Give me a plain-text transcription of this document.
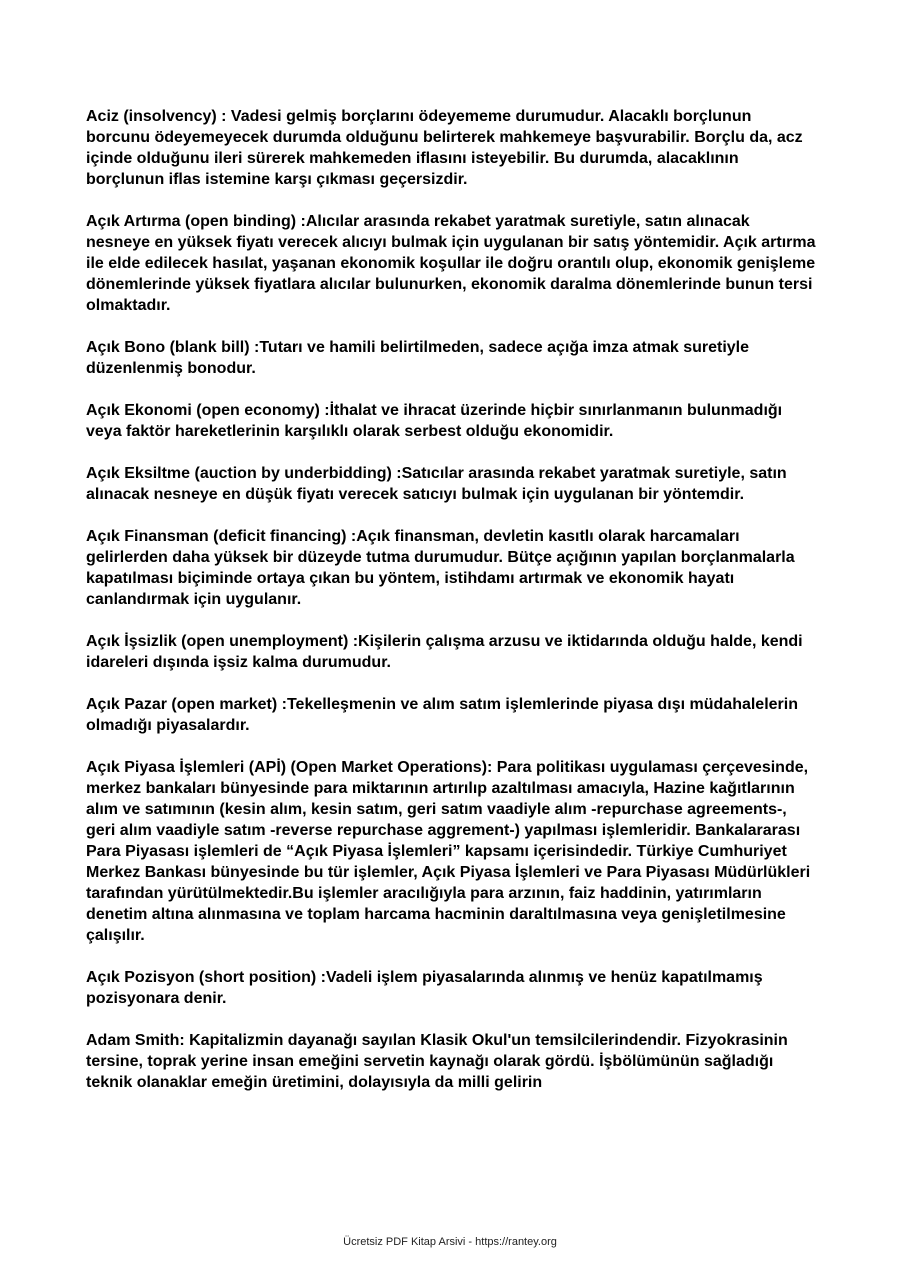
Aciz (insolvency) : Vadesi gelmiş borçlarını ödeyememe durumudur. Alacaklı borçlunun borcunu ödeyemeyecek durumda olduğunu belirterek mahkemeye başvurabilir. Borçlu da, acz içinde olduğunu ileri sürerek mahkemeden iflasını isteyebilir. Bu durumda, alacaklının borçlunun iflas istemine karşı çıkması geçersizdir.

Açık Artırma (open binding) :Alıcılar arasında rekabet yaratmak suretiyle, satın alınacak nesneye en yüksek fiyatı verecek alıcıyı bulmak için uygulanan bir satış yöntemidir. Açık artırma ile elde edilecek hasılat, yaşanan ekonomik koşullar ile doğru orantılı olup, ekonomik genişleme dönemlerinde yüksek fiyatlara alıcılar bulunurken, ekonomik daralma dönemlerinde bunun tersi olmaktadır.

Açık Bono (blank bill) :Tutarı ve hamili belirtilmeden, sadece açığa imza atmak suretiyle düzenlenmiş bonodur.

Açık Ekonomi (open economy) :İthalat ve ihracat üzerinde hiçbir sınırlanmanın bulunmadığı veya faktör hareketlerinin karşılıklı olarak serbest olduğu ekonomidir.

Açık Eksiltme (auction by underbidding) :Satıcılar arasında rekabet yaratmak suretiyle, satın alınacak nesneye en düşük fiyatı verecek satıcıyı bulmak için uygulanan bir yöntemdir.

Açık Finansman (deficit financing) :Açık finansman, devletin kasıtlı olarak harcamaları gelirlerden daha yüksek bir düzeyde tutma durumudur. Bütçe açığının yapılan borçlanmalarla kapatılması biçiminde ortaya çıkan bu yöntem, istihdamı artırmak ve ekonomik hayatı canlandırmak için uygulanır.

Açık İşsizlik (open unemployment) :Kişilerin çalışma arzusu ve iktidarında olduğu halde, kendi idareleri dışında işsiz kalma durumudur.

Açık Pazar (open market) :Tekelleşmenin ve alım satım işlemlerinde piyasa dışı müdahalelerin olmadığı piyasalardır.

Açık Piyasa İşlemleri (APİ) (Open Market Operations): Para politikası uygulaması çerçevesinde, merkez bankaları bünyesinde para miktarının artırılıp azaltılması amacıyla, Hazine kağıtlarının alım ve satımının (kesin alım, kesin satım, geri satım vaadiyle alım -repurchase agreements-, geri alım vaadiyle satım -reverse repurchase aggrement-) yapılması işlemleridir. Bankalararası Para Piyasası işlemleri de “Açık Piyasa İşlemleri” kapsamı içerisindedir. Türkiye Cumhuriyet Merkez Bankası bünyesinde bu tür işlemler, Açık Piyasa İşlemleri ve Para Piyasası Müdürlükleri tarafından yürütülmektedir.Bu işlemler aracılığıyla para arzının, faiz haddinin, yatırımların denetim altına alınmasına ve toplam harcama hacminin daraltılmasına veya genişletilmesine çalışılır.

Açık Pozisyon (short position) :Vadeli işlem piyasalarında alınmış ve henüz kapatılmamış pozisyonara denir.

Adam Smith: Kapitalizmin dayanağı sayılan Klasik Okul'un temsilcilerindendir. Fizyokrasinin tersine, toprak yerine insan emeğini servetin kaynağı olarak gördü. İşbölümünün sağladığı teknik olanaklar emeğin üretimini, dolayısıyla da milli gelirin

Ücretsiz PDF Kitap Arsivi - https://rantey.org
